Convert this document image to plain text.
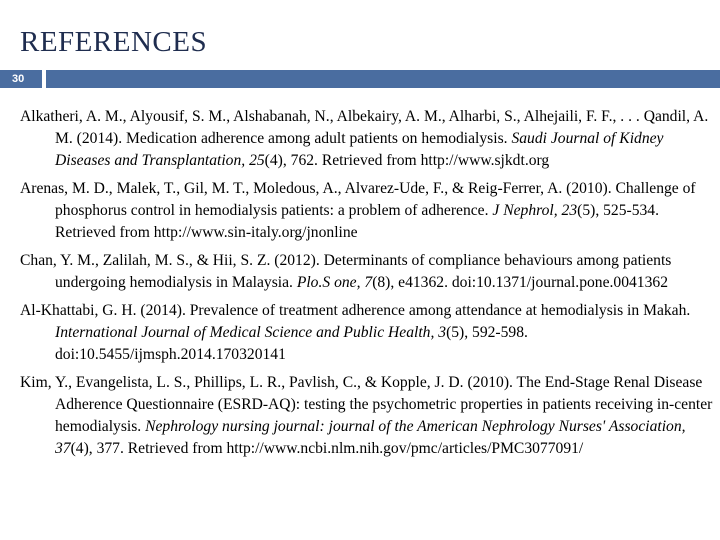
REFERENCES
30

Alkatheri, A. M., Alyousif, S. M., Alshabanah, N., Albekairy, A. M., Alharbi, S., Alhejaili, F. F., . . . Qandil, A. M. (2014). Medication adherence among adult patients on hemodialysis. Saudi Journal of Kidney Diseases and Transplantation, 25(4), 762. Retrieved from http://www.sjkdt.org

Arenas, M. D., Malek, T., Gil, M. T., Moledous, A., Alvarez-Ude, F., & Reig-Ferrer, A. (2010). Challenge of phosphorus control in hemodialysis patients: a problem of adherence. J Nephrol, 23(5), 525-534. Retrieved from http://www.sin-italy.org/jnonline

Chan, Y. M., Zalilah, M. S., & Hii, S. Z. (2012). Determinants of compliance behaviours among patients undergoing hemodialysis in Malaysia. Plo.S one, 7(8), e41362. doi:10.1371/journal.pone.0041362

Al-Khattabi, G. H. (2014). Prevalence of treatment adherence among attendance at hemodialysis in Makah. International Journal of Medical Science and Public Health, 3(5), 592-598. doi:10.5455/ijmsph.2014.170320141

Kim, Y., Evangelista, L. S., Phillips, L. R., Pavlish, C., & Kopple, J. D. (2010). The End-Stage Renal Disease Adherence Questionnaire (ESRD-AQ): testing the psychometric properties in patients receiving in-center hemodialysis. Nephrology nursing journal: journal of the American Nephrology Nurses' Association, 37(4), 377. Retrieved from http://www.ncbi.nlm.nih.gov/pmc/articles/PMC3077091/
